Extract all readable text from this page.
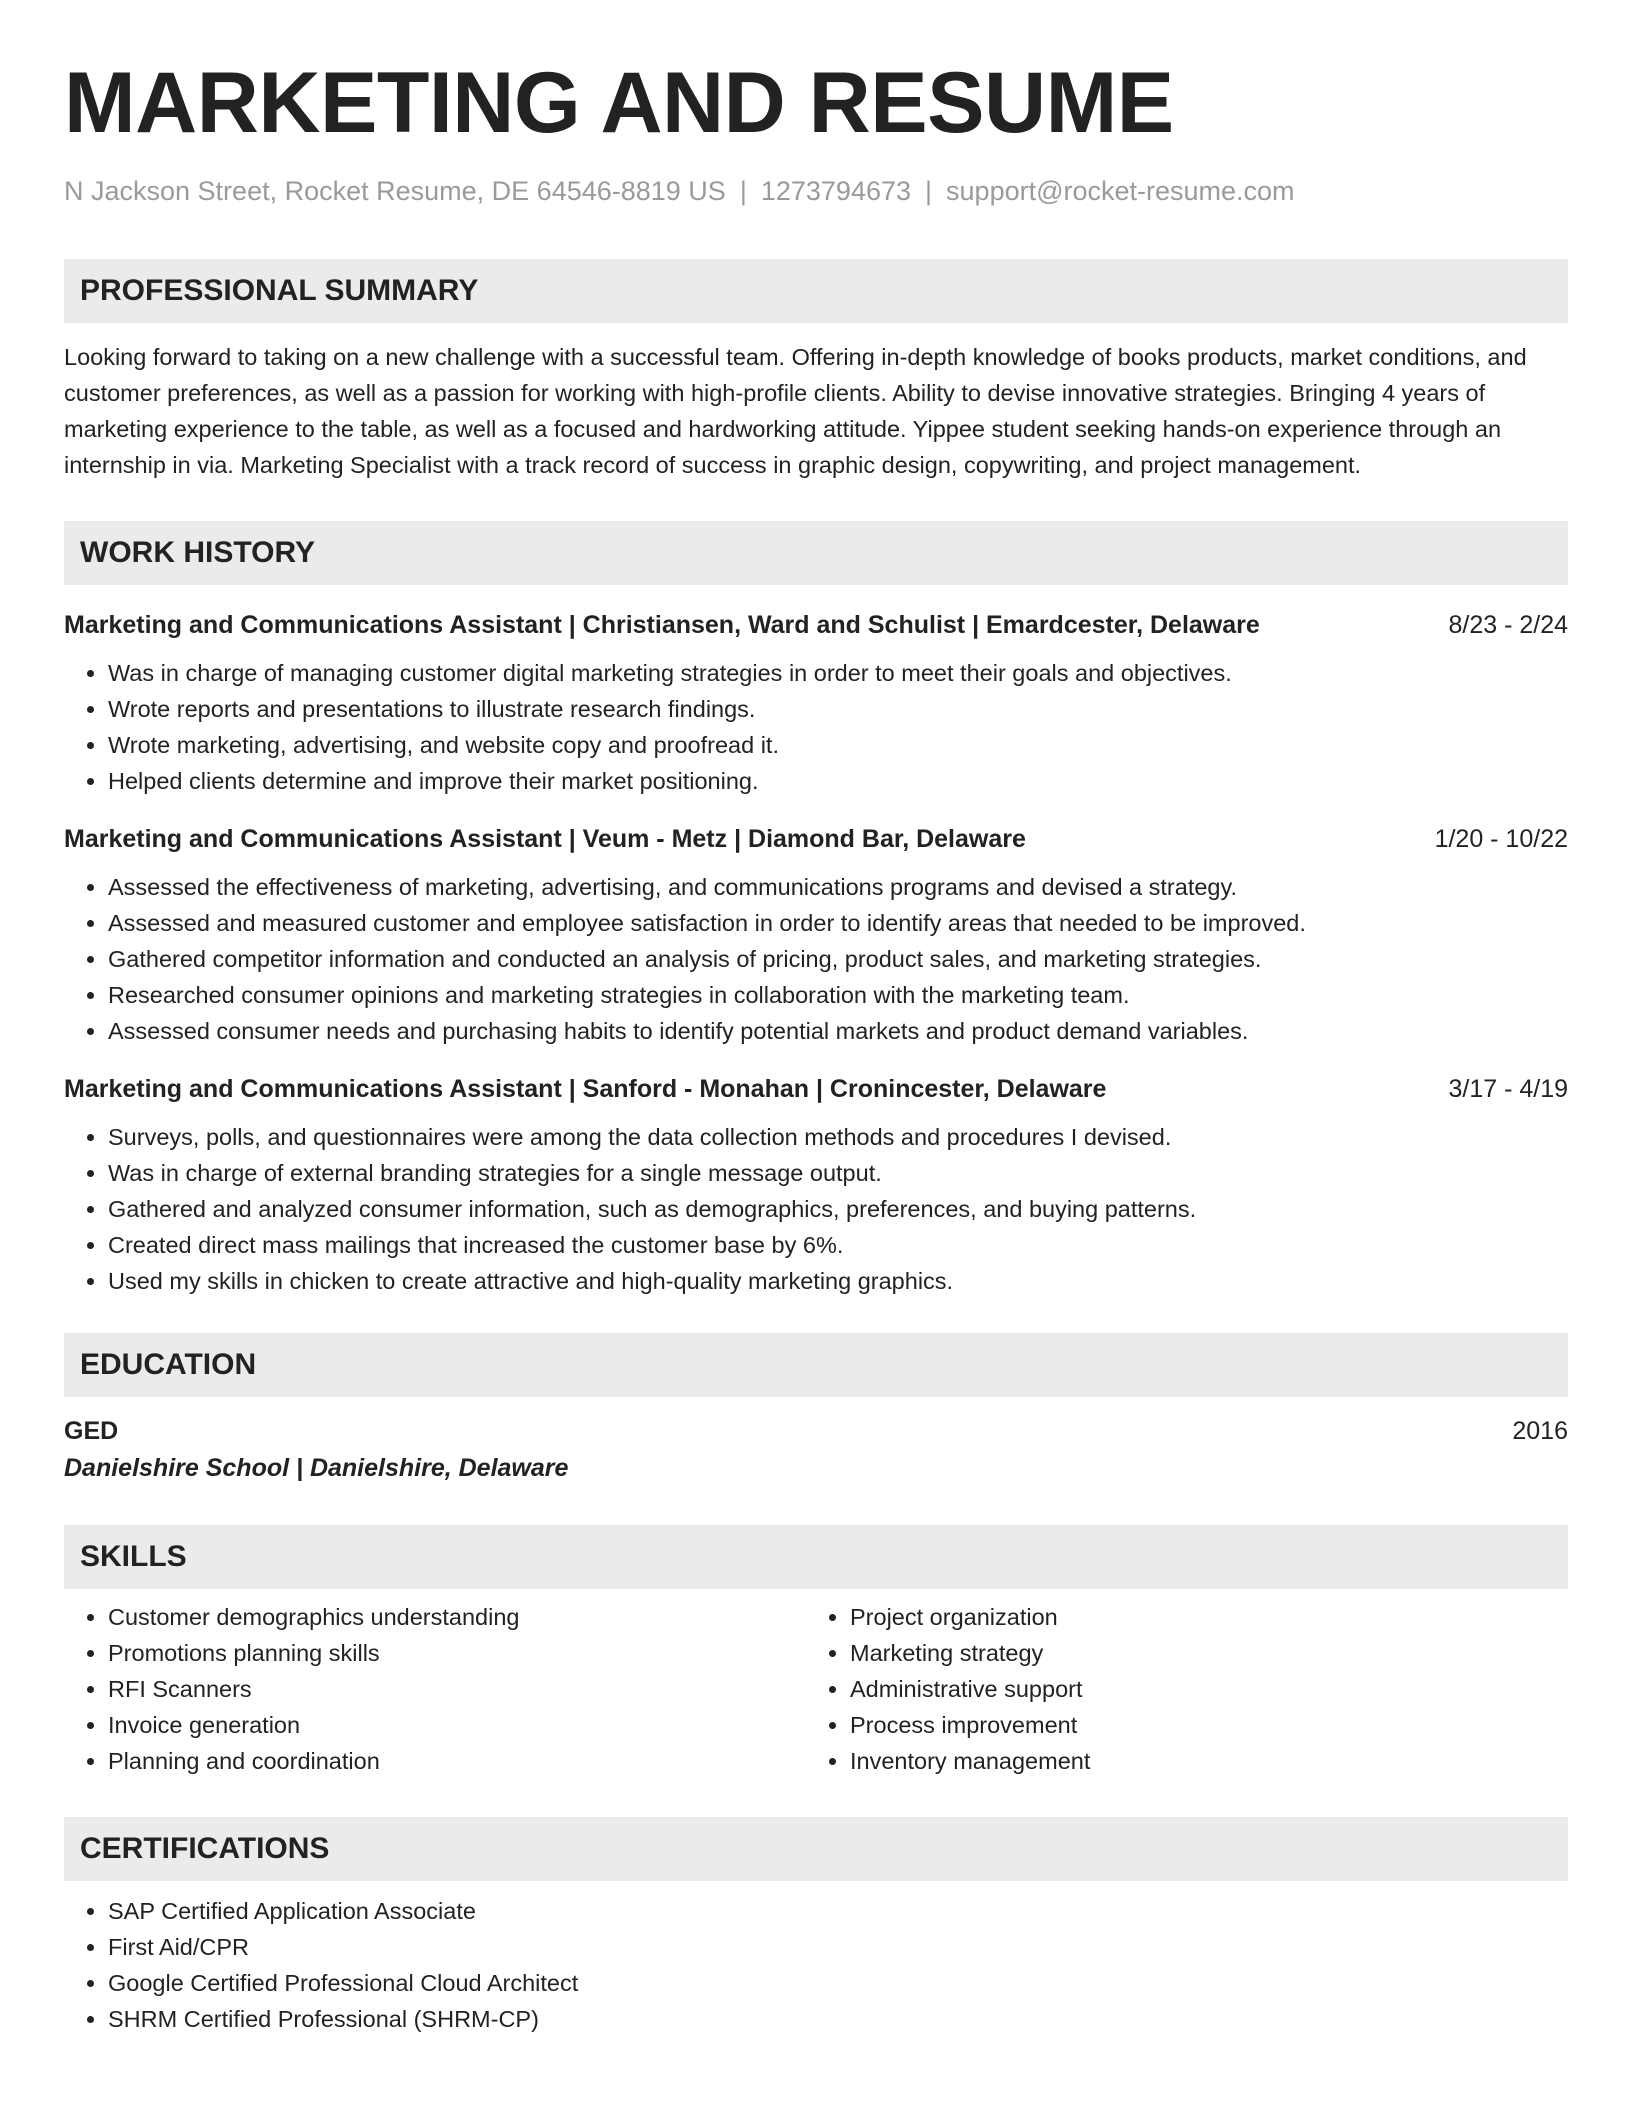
MARKETING AND RESUME
N Jackson Street, Rocket Resume, DE 64546-8819 US | 1273794673 | support@rocket-resume.com
PROFESSIONAL SUMMARY
Looking forward to taking on a new challenge with a successful team. Offering in-depth knowledge of books products, market conditions, and customer preferences, as well as a passion for working with high-profile clients. Ability to devise innovative strategies. Bringing 4 years of marketing experience to the table, as well as a focused and hardworking attitude. Yippee student seeking hands-on experience through an internship in via. Marketing Specialist with a track record of success in graphic design, copywriting, and project management.
WORK HISTORY
Marketing and Communications Assistant | Christiansen, Ward and Schulist | Emardcester, Delaware	8/23 - 2/24
• Was in charge of managing customer digital marketing strategies in order to meet their goals and objectives.
• Wrote reports and presentations to illustrate research findings.
• Wrote marketing, advertising, and website copy and proofread it.
• Helped clients determine and improve their market positioning.
Marketing and Communications Assistant | Veum - Metz | Diamond Bar, Delaware	1/20 - 10/22
• Assessed the effectiveness of marketing, advertising, and communications programs and devised a strategy.
• Assessed and measured customer and employee satisfaction in order to identify areas that needed to be improved.
• Gathered competitor information and conducted an analysis of pricing, product sales, and marketing strategies.
• Researched consumer opinions and marketing strategies in collaboration with the marketing team.
• Assessed consumer needs and purchasing habits to identify potential markets and product demand variables.
Marketing and Communications Assistant | Sanford - Monahan | Cronincester, Delaware	3/17 - 4/19
• Surveys, polls, and questionnaires were among the data collection methods and procedures I devised.
• Was in charge of external branding strategies for a single message output.
• Gathered and analyzed consumer information, such as demographics, preferences, and buying patterns.
• Created direct mass mailings that increased the customer base by 6%.
• Used my skills in chicken to create attractive and high-quality marketing graphics.
EDUCATION
GED	2016
Danielshire School | Danielshire, Delaware
SKILLS
• Customer demographics understanding
• Promotions planning skills
• RFI Scanners
• Invoice generation
• Planning and coordination
• Project organization
• Marketing strategy
• Administrative support
• Process improvement
• Inventory management
CERTIFICATIONS
• SAP Certified Application Associate
• First Aid/CPR
• Google Certified Professional Cloud Architect
• SHRM Certified Professional (SHRM-CP)
